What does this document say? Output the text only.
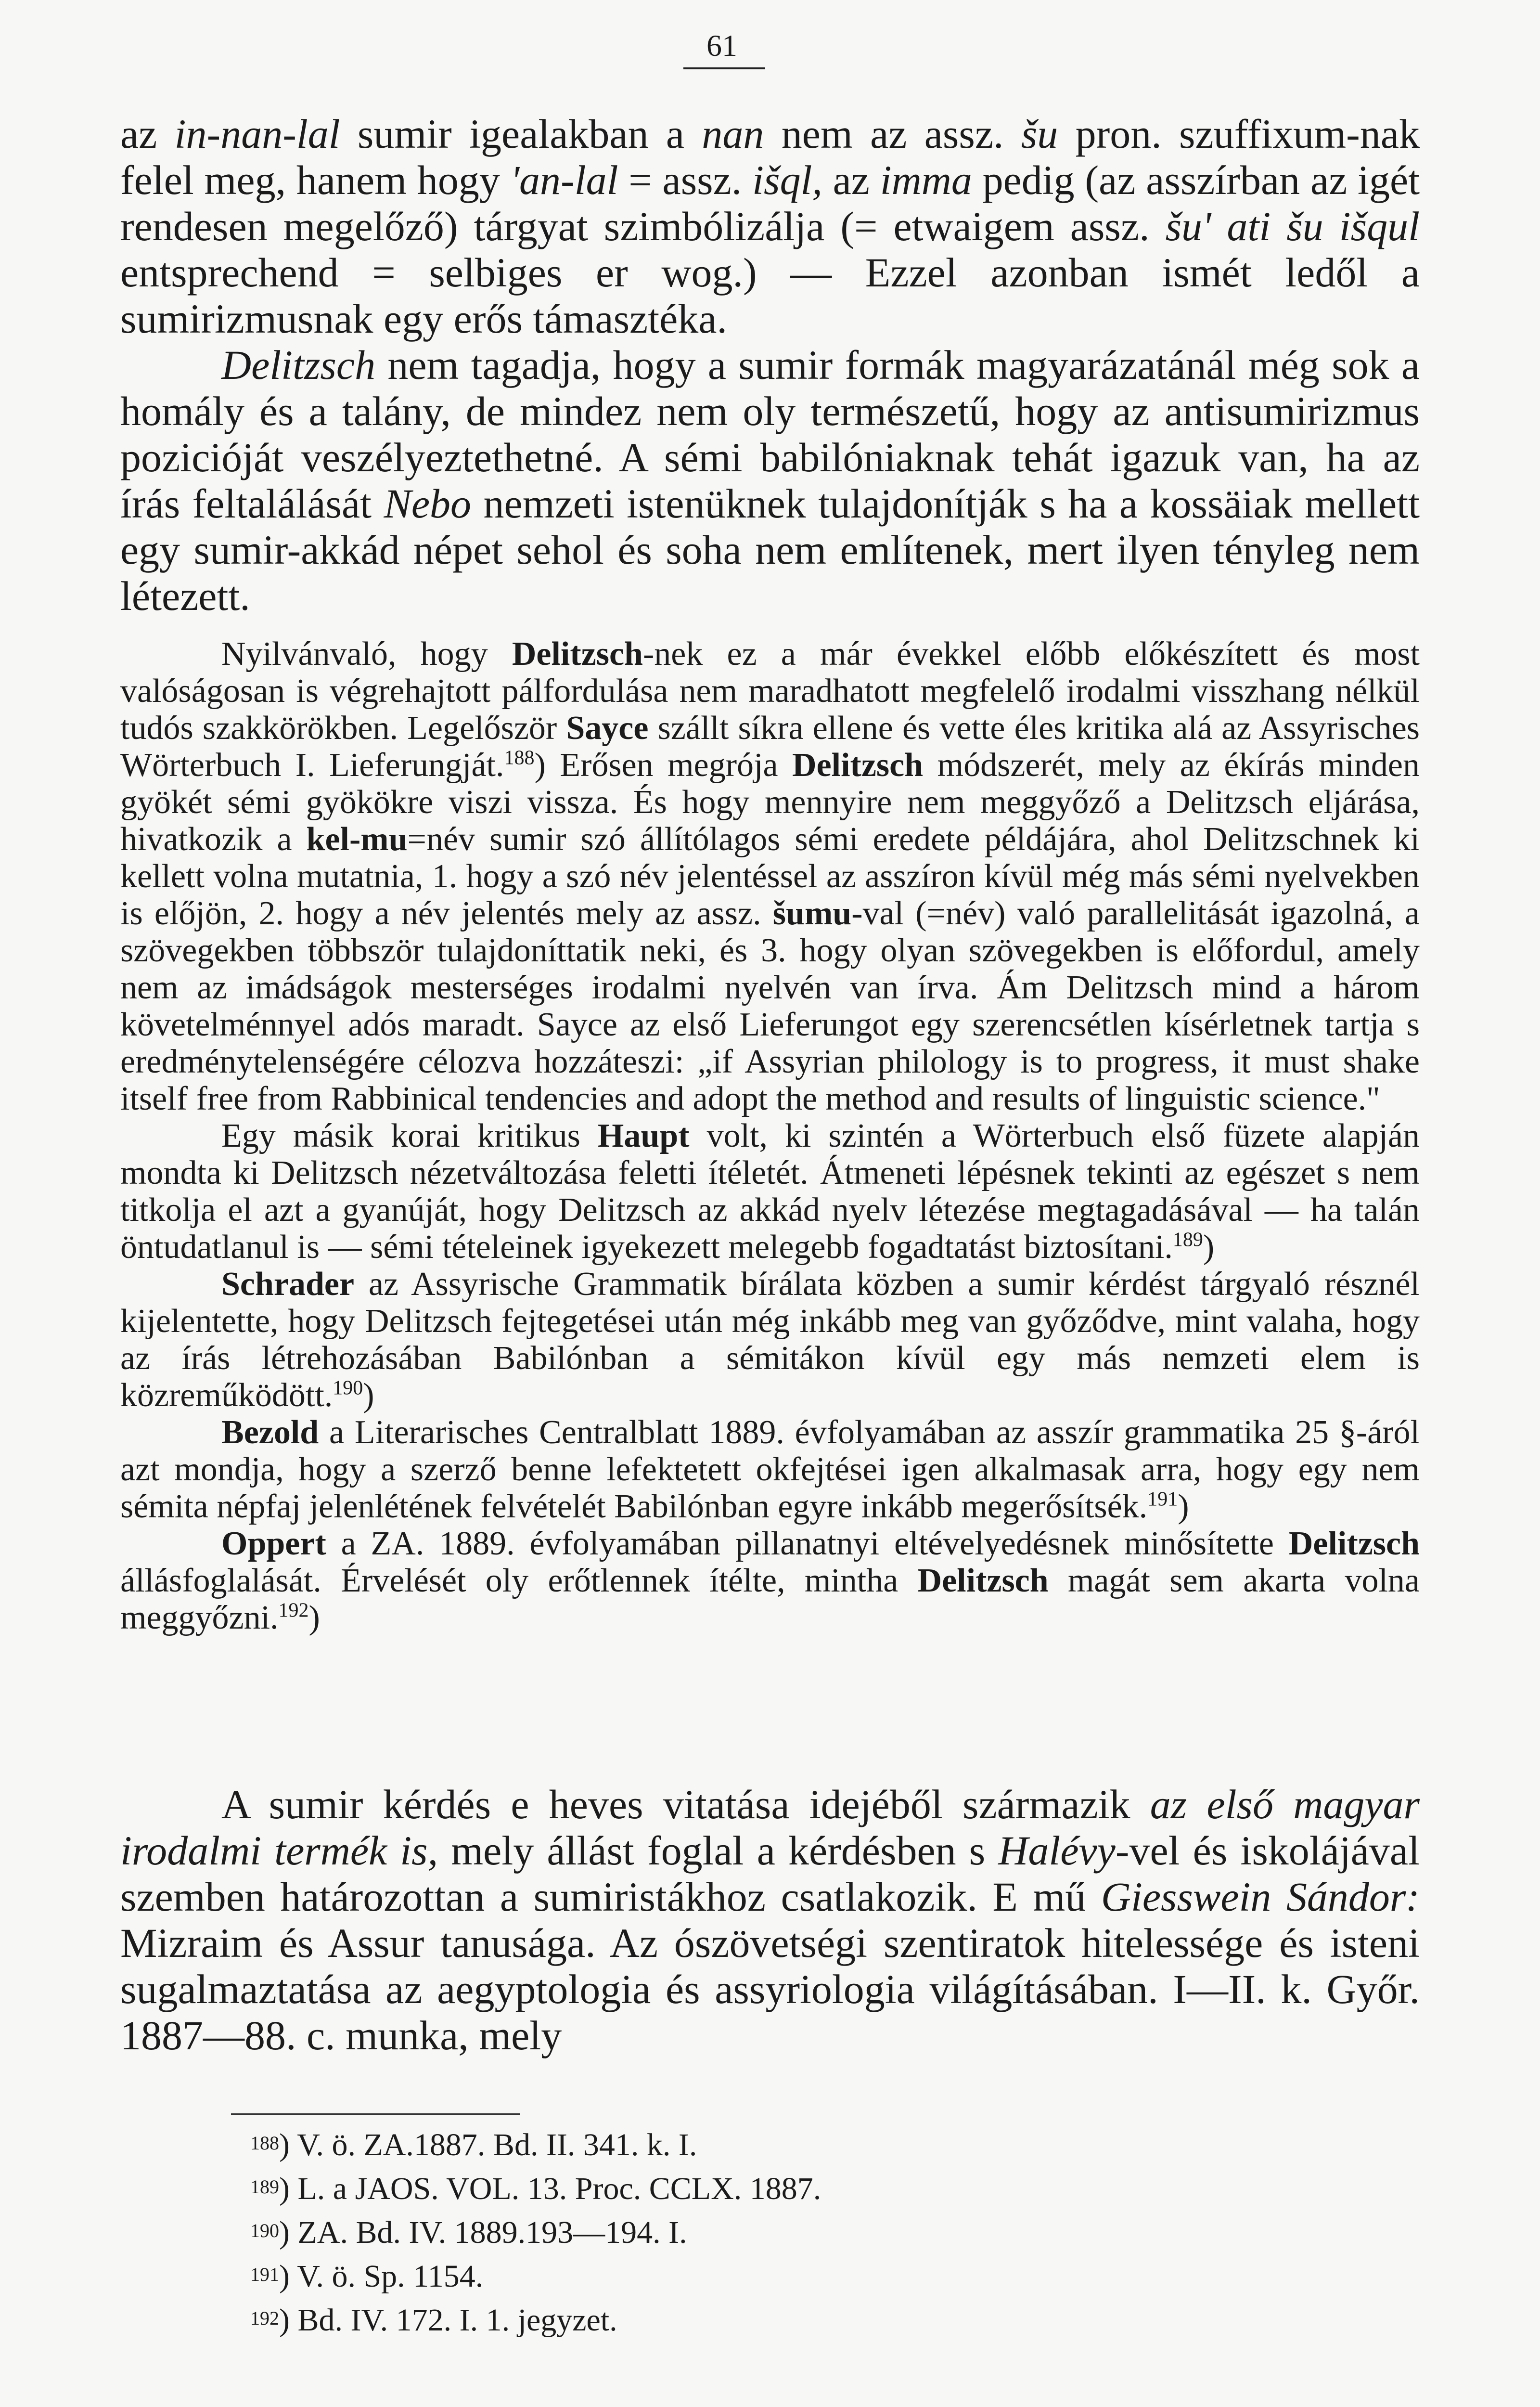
61

az in-nan-lal sumir igealakban a nan nem az assz. šu pron. szuffixum-nak felel meg, hanem hogy 'an-lal = assz. išql, az imma pedig (az asszírban az igét rendesen megelőző) tárgyat szimbólizálja (= etwaigem assz. šu' ati šu išqul entsprechend = selbiges er wog.) — Ezzel azonban ismét ledől a sumirizmusnak egy erős támasztéka.

Delitzsch nem tagadja, hogy a sumir formák magyarázatánál még sok a homály és a talány, de mindez nem oly természetű, hogy az antisumirizmus pozicióját veszélyeztethetné. A sémi babilóniaknak tehát igazuk van, ha az írás feltalálását Nebo nemzeti istenüknek tulajdonítják s ha a kossäiak mellett egy sumir-akkád népet sehol és soha nem említenek, mert ilyen tényleg nem létezett.

Nyilvánvaló, hogy Delitzsch-nek ez a már évekkel előbb előkészített és most valóságosan is végrehajtott pálfordulása nem maradhatott megfelelő irodalmi visszhang nélkül tudós szakkörökben. Legelőször Sayce szállt síkra ellene és vette éles kritika alá az Assyrisches Wörterbuch I. Lieferungját.$^{188}$) Erősen megrója Delitzsch módszerét, mely az ékírás minden gyökét sémi gyökökre viszi vissza. És hogy mennyire nem meggyőző a Delitzsch eljárása, hivatkozik a kel-mu=név sumir szó állítólagos sémi eredete példájára, ahol Delitzschnek ki kellett volna mutatnia, 1. hogy a szó név jelentéssel az asszíron kívül még más sémi nyelvekben is előjön, 2. hogy a név jelentés mely az assz. šumu-val (=név) való parallelitását igazolná, a szövegekben többször tulajdoníttatik neki, és 3. hogy olyan szövegekben is előfordul, amely nem az imádságok mesterséges irodalmi nyelvén van írva. Ám Delitzsch mind a három követelménnyel adós maradt. Sayce az első Lieferungot egy szerencsétlen kísérletnek tartja s eredménytelenségére célozva hozzáteszi: „if Assyrian philology is to progress, it must shake itself free from Rabbinical tendencies and adopt the method and results of linguistic science."

Egy másik korai kritikus Haupt volt, ki szintén a Wörterbuch első füzete alapján mondta ki Delitzsch nézetváltozása feletti ítéletét. Átmeneti lépésnek tekinti az egészet s nem titkolja el azt a gyanúját, hogy Delitzsch az akkád nyelv létezése megtagadásával — ha talán öntudatlanul is — sémi tételeinek igyekezett melegebb fogadtatást biztosítani.$^{189}$)

Schrader az Assyrische Grammatik bírálata közben a sumir kérdést tárgyaló résznél kijelentette, hogy Delitzsch fejtegetései után még inkább meg van győződve, mint valaha, hogy az írás létrehozásában Babilónban a sémitákon kívül egy más nemzeti elem is közreműködött.$^{190}$)

Bezold a Literarisches Centralblatt 1889. évfolyamában az asszír grammatika 25 §-áról azt mondja, hogy a szerző benne lefektetett okfejtései igen alkalmasak arra, hogy egy nem sémita népfaj jelenlétének felvételét Babilónban egyre inkább megerősítsék.$^{191}$)

Oppert a ZA. 1889. évfolyamában pillanatnyi eltévelyedésnek minősítette Delitzsch állásfoglalását. Érvelését oly erőtlennek ítélte, mintha Delitzsch magát sem akarta volna meggyőzni.$^{192}$)

A sumir kérdés e heves vitatása idejéből származik az első magyar irodalmi termék is, mely állást foglal a kérdésben s Halévy-vel és iskolájával szemben határozottan a sumiristákhoz csatlakozik. E mű Giesswein Sándor: Mizraim és Assur tanusága. Az ószövetségi szentiratok hitelessége és isteni sugalmaztatása az aegyptologia és assyriologia világításában. I—II. k. Győr. 1887—88. c. munka, mely

$^{188}$) V. ö. ZA.1887. Bd. II. 341. k. I.

$^{189}$) L. a JAOS. VOL. 13. Proc. CCLX. 1887.

$^{190}$) ZA. Bd. IV. 1889.193—194. I.

$^{191}$) V. ö. Sp. 1154.

$^{192}$) Bd. IV. 172. I. 1. jegyzet.
